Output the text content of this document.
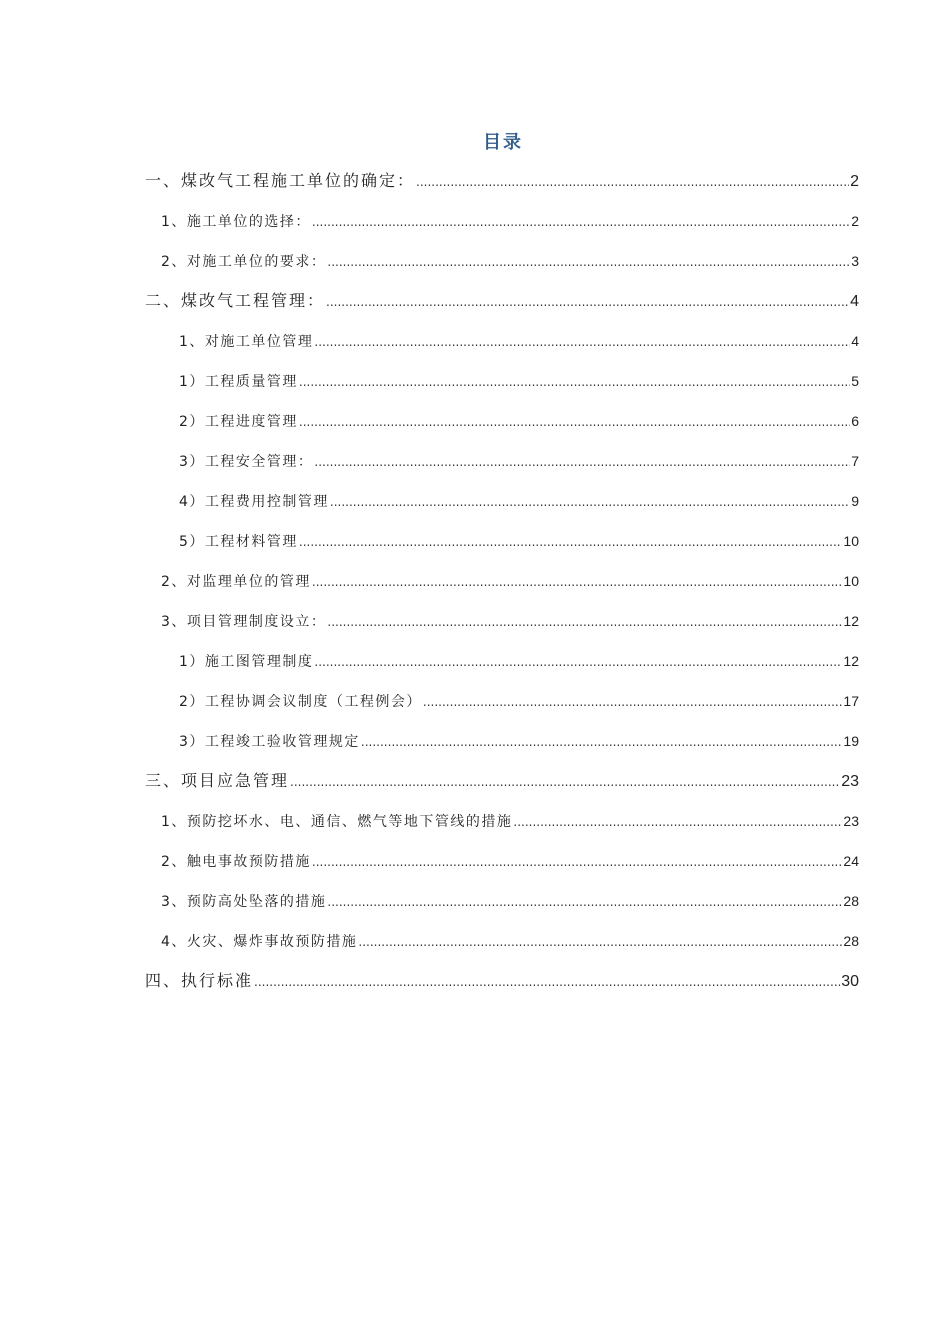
目录
一、煤改气工程施工单位的确定： .....	2
1、施工单位的选择： .....	2
2、对施工单位的要求： .....	3
二、煤改气工程管理： .....	4
1、对施工单位管理 .....	4
1）工程质量管理 .....	5
2）工程进度管理 .....	6
3）工程安全管理： .....	7
4）工程费用控制管理 .....	9
5）工程材料管理 .....	10
2、对监理单位的管理 .....	10
3、项目管理制度设立： .....	12
1）施工图管理制度 .....	12
2）工程协调会议制度（工程例会） .....	17
3）工程竣工验收管理规定 .....	19
三、项目应急管理 .....	23
1、预防挖坏水、电、通信、燃气等地下管线的措施 .....	23
2、触电事故预防措施 .....	24
3、预防高处坠落的措施 .....	28
4、火灾、爆炸事故预防措施 .....	28
四、执行标准 .....	30
